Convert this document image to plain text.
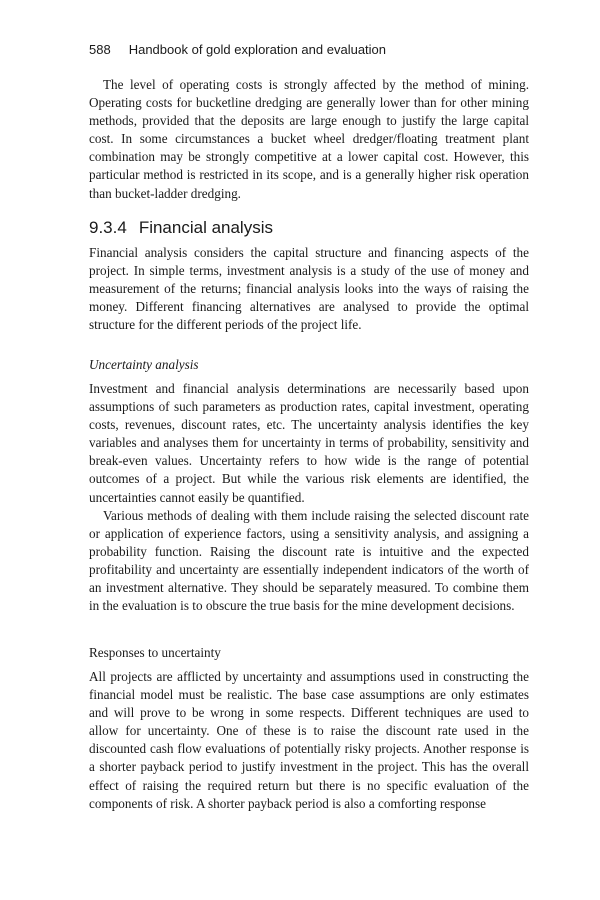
588 Handbook of gold exploration and evaluation

The level of operating costs is strongly affected by the method of mining. Operating costs for bucketline dredging are generally lower than for other mining methods, provided that the deposits are large enough to justify the large capital cost. In some circumstances a bucket wheel dredger/floating treatment plant combination may be strongly competitive at a lower capital cost. However, this particular method is restricted in its scope, and is a generally higher risk operation than bucket-ladder dredging.

9.3.4 Financial analysis

Financial analysis considers the capital structure and financing aspects of the project. In simple terms, investment analysis is a study of the use of money and measurement of the returns; financial analysis looks into the ways of raising the money. Different financing alternatives are analysed to provide the optimal structure for the different periods of the project life.

Uncertainty analysis

Investment and financial analysis determinations are necessarily based upon assumptions of such parameters as production rates, capital investment, operating costs, revenues, discount rates, etc. The uncertainty analysis identifies the key variables and analyses them for uncertainty in terms of probability, sensitivity and break-even values. Uncertainty refers to how wide is the range of potential outcomes of a project. But while the various risk elements are identified, the uncertainties cannot easily be quantified.

Various methods of dealing with them include raising the selected discount rate or application of experience factors, using a sensitivity analysis, and assigning a probability function. Raising the discount rate is intuitive and the expected profitability and uncertainty are essentially independent indicators of the worth of an investment alternative. They should be separately measured. To combine them in the evaluation is to obscure the true basis for the mine development decisions.

Responses to uncertainty

All projects are afflicted by uncertainty and assumptions used in constructing the financial model must be realistic. The base case assumptions are only estimates and will prove to be wrong in some respects. Different techniques are used to allow for uncertainty. One of these is to raise the discount rate used in the discounted cash flow evaluations of potentially risky projects. Another response is a shorter payback period to justify investment in the project. This has the overall effect of raising the required return but there is no specific evaluation of the components of risk. A shorter payback period is also a comforting response
